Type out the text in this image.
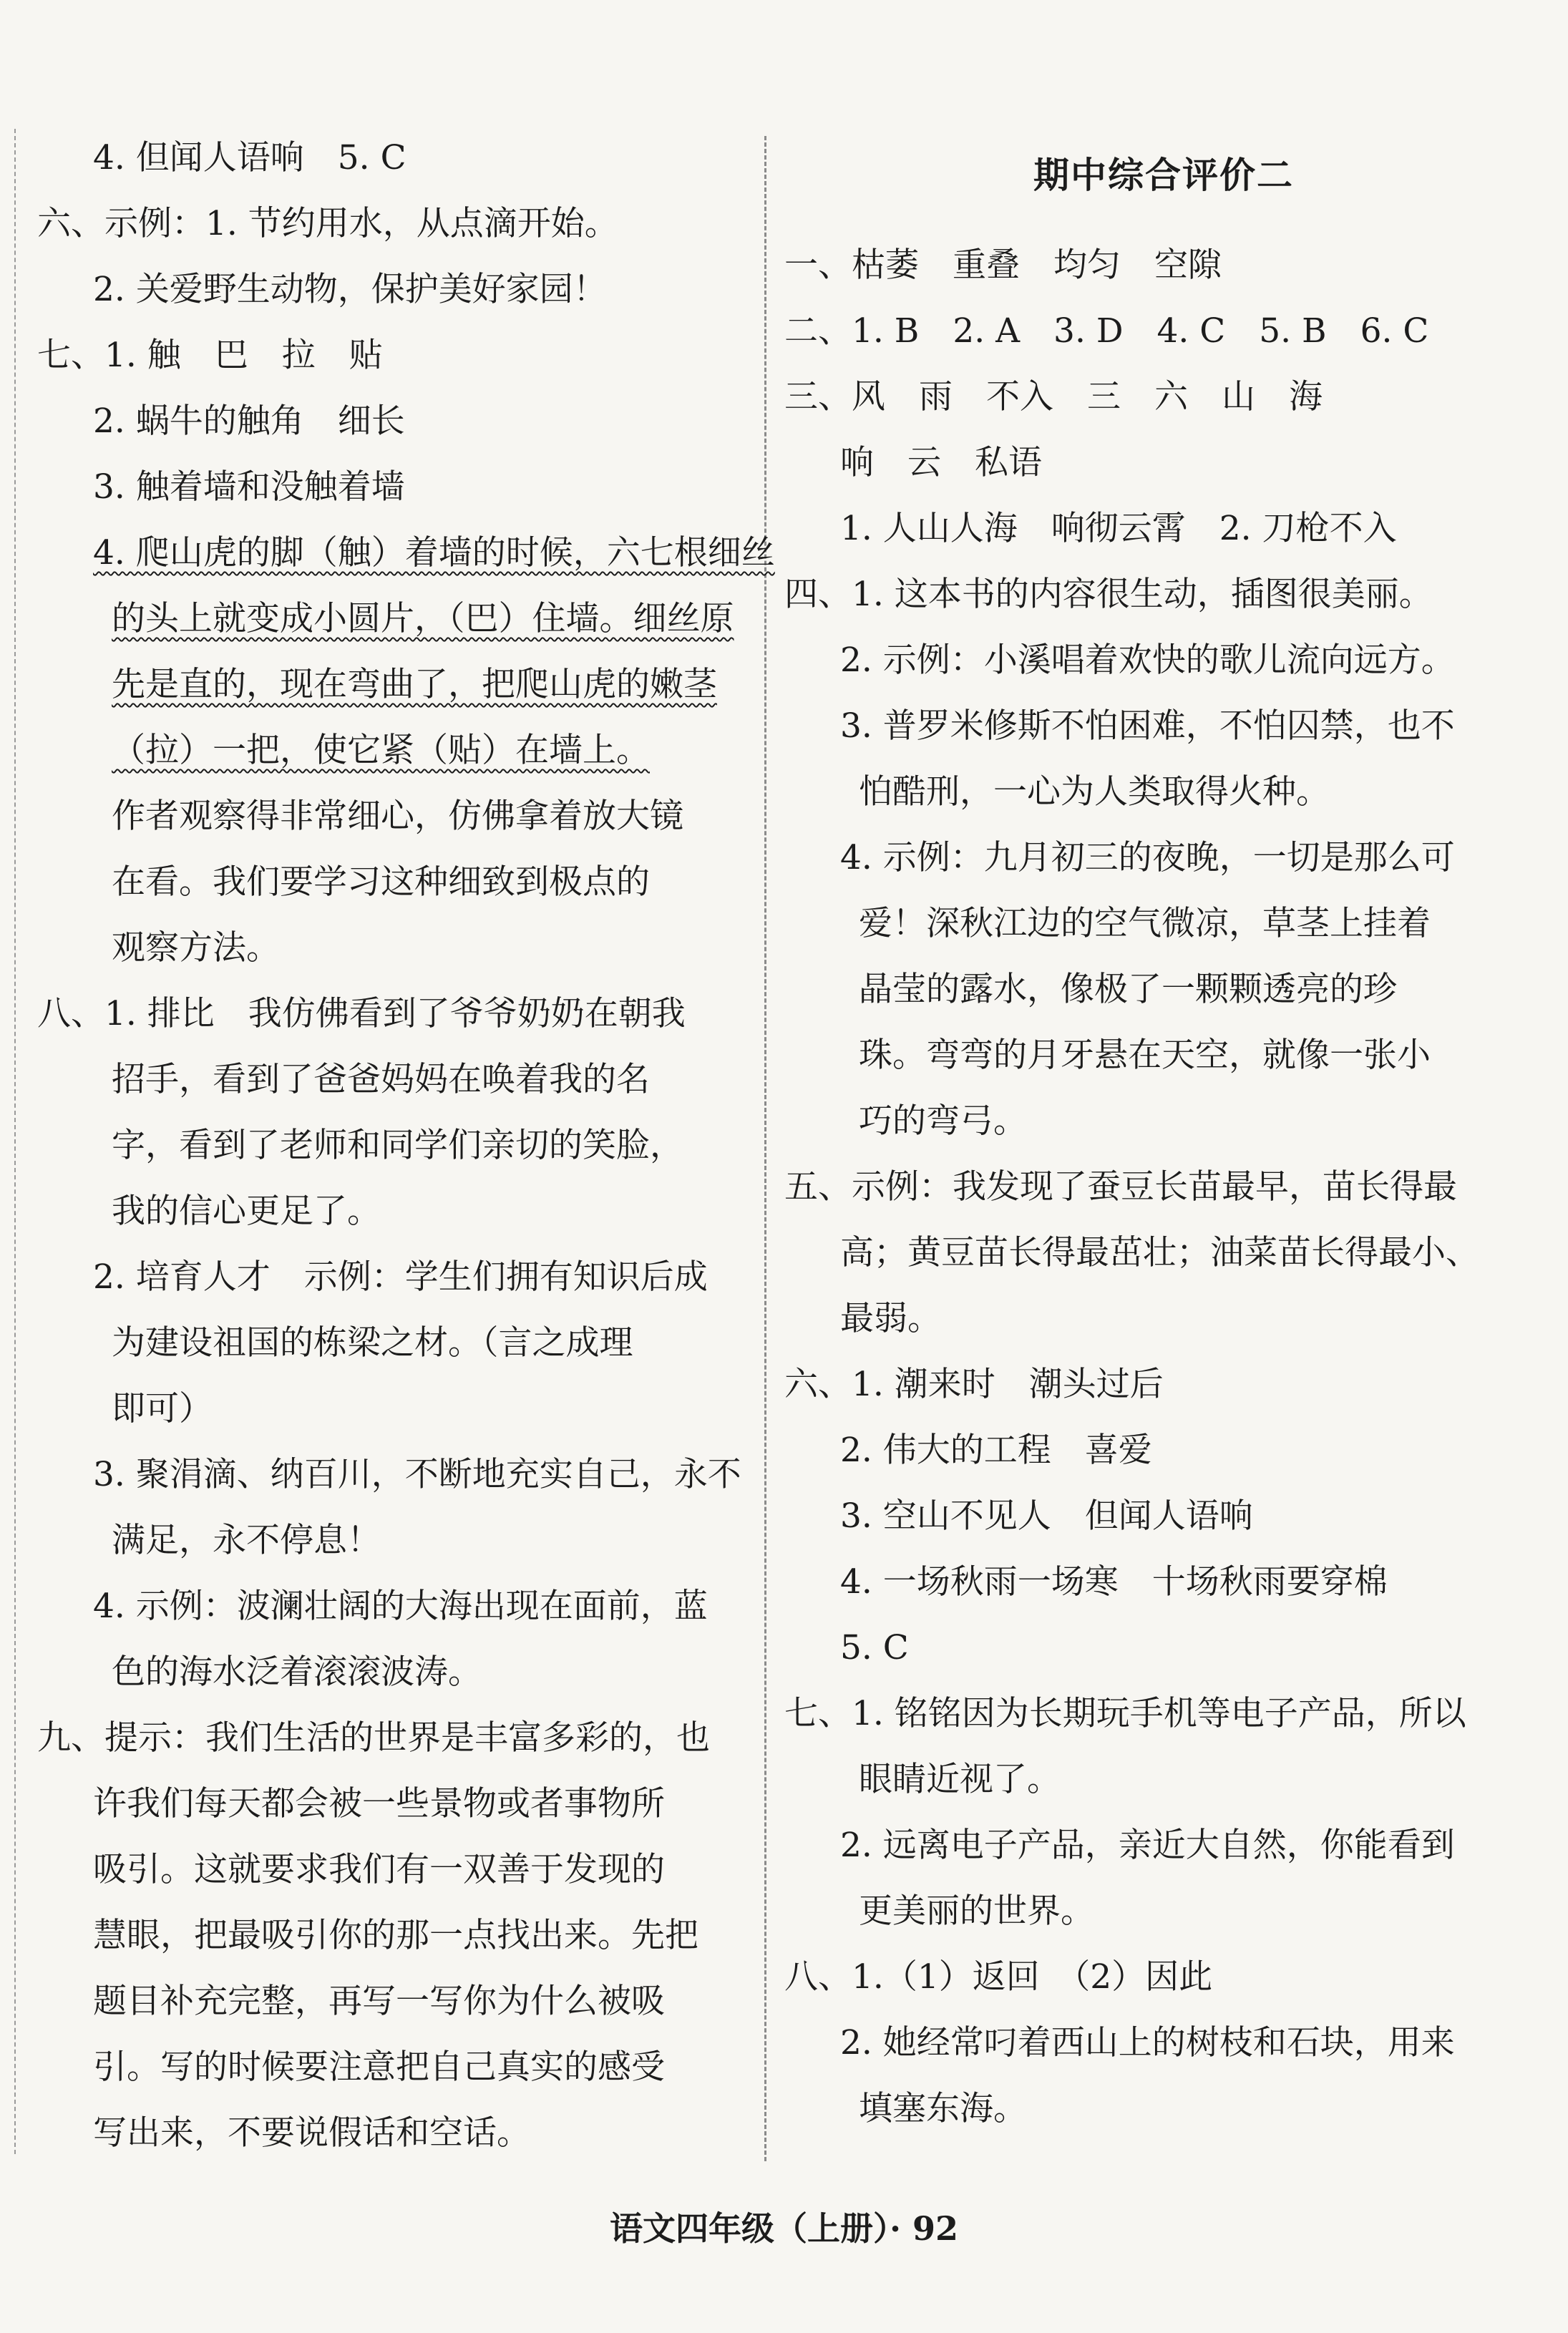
4. 但闻人语响　5. C
六、示例：1. 节约用水，从点滴开始。
2. 关爱野生动物，保护美好家园！
七、1. 触　巴　拉　贴
2. 蜗牛的触角　细长
3. 触着墙和没触着墙
4. 爬山虎的脚（触）着墙的时候，六七根细丝
的头上就变成小圆片，（巴）住墙。细丝原
先是直的，现在弯曲了，把爬山虎的嫩茎
（拉）一把，使它紧（贴）在墙上。
作者观察得非常细心，仿佛拿着放大镜
在看。我们要学习这种细致到极点的
观察方法。
八、1. 排比　我仿佛看到了爷爷奶奶在朝我
招手，看到了爸爸妈妈在唤着我的名
字，看到了老师和同学们亲切的笑脸，
我的信心更足了。
2. 培育人才　示例：学生们拥有知识后成
为建设祖国的栋梁之材。（言之成理
即可）
3. 聚涓滴、纳百川，不断地充实自己，永不
满足，永不停息！
4. 示例：波澜壮阔的大海出现在面前，蓝
色的海水泛着滚滚波涛。
九、提示：我们生活的世界是丰富多彩的，也
许我们每天都会被一些景物或者事物所
吸引。这就要求我们有一双善于发现的
慧眼，把最吸引你的那一点找出来。先把
题目补充完整，再写一写你为什么被吸
引。写的时候要注意把自己真实的感受
写出来，不要说假话和空话。
期中综合评价二
一、枯萎　重叠　均匀　空隙
二、1. B　2. A　3. D　4. C　5. B　6. C
三、风　雨　不入　三　六　山　海
响　云　私语
1. 人山人海　响彻云霄　2. 刀枪不入
四、1. 这本书的内容很生动，插图很美丽。
2. 示例：小溪唱着欢快的歌儿流向远方。
3. 普罗米修斯不怕困难，不怕囚禁，也不
怕酷刑，一心为人类取得火种。
4. 示例：九月初三的夜晚，一切是那么可
爱！深秋江边的空气微凉，草茎上挂着
晶莹的露水，像极了一颗颗透亮的珍
珠。弯弯的月牙悬在天空，就像一张小
巧的弯弓。
五、示例：我发现了蚕豆长苗最早，苗长得最
高；黄豆苗长得最茁壮；油菜苗长得最小、
最弱。
六、1. 潮来时　潮头过后
2. 伟大的工程　喜爱
3. 空山不见人　但闻人语响
4. 一场秋雨一场寒　十场秋雨要穿棉
5. C
七、1. 铭铭因为长期玩手机等电子产品，所以
眼睛近视了。
2. 远离电子产品，亲近大自然，你能看到
更美丽的世界。
八、1.（1）返回　（2）因此
2. 她经常叼着西山上的树枝和石块，用来
填塞东海。
语文四年级（上册）· 92
